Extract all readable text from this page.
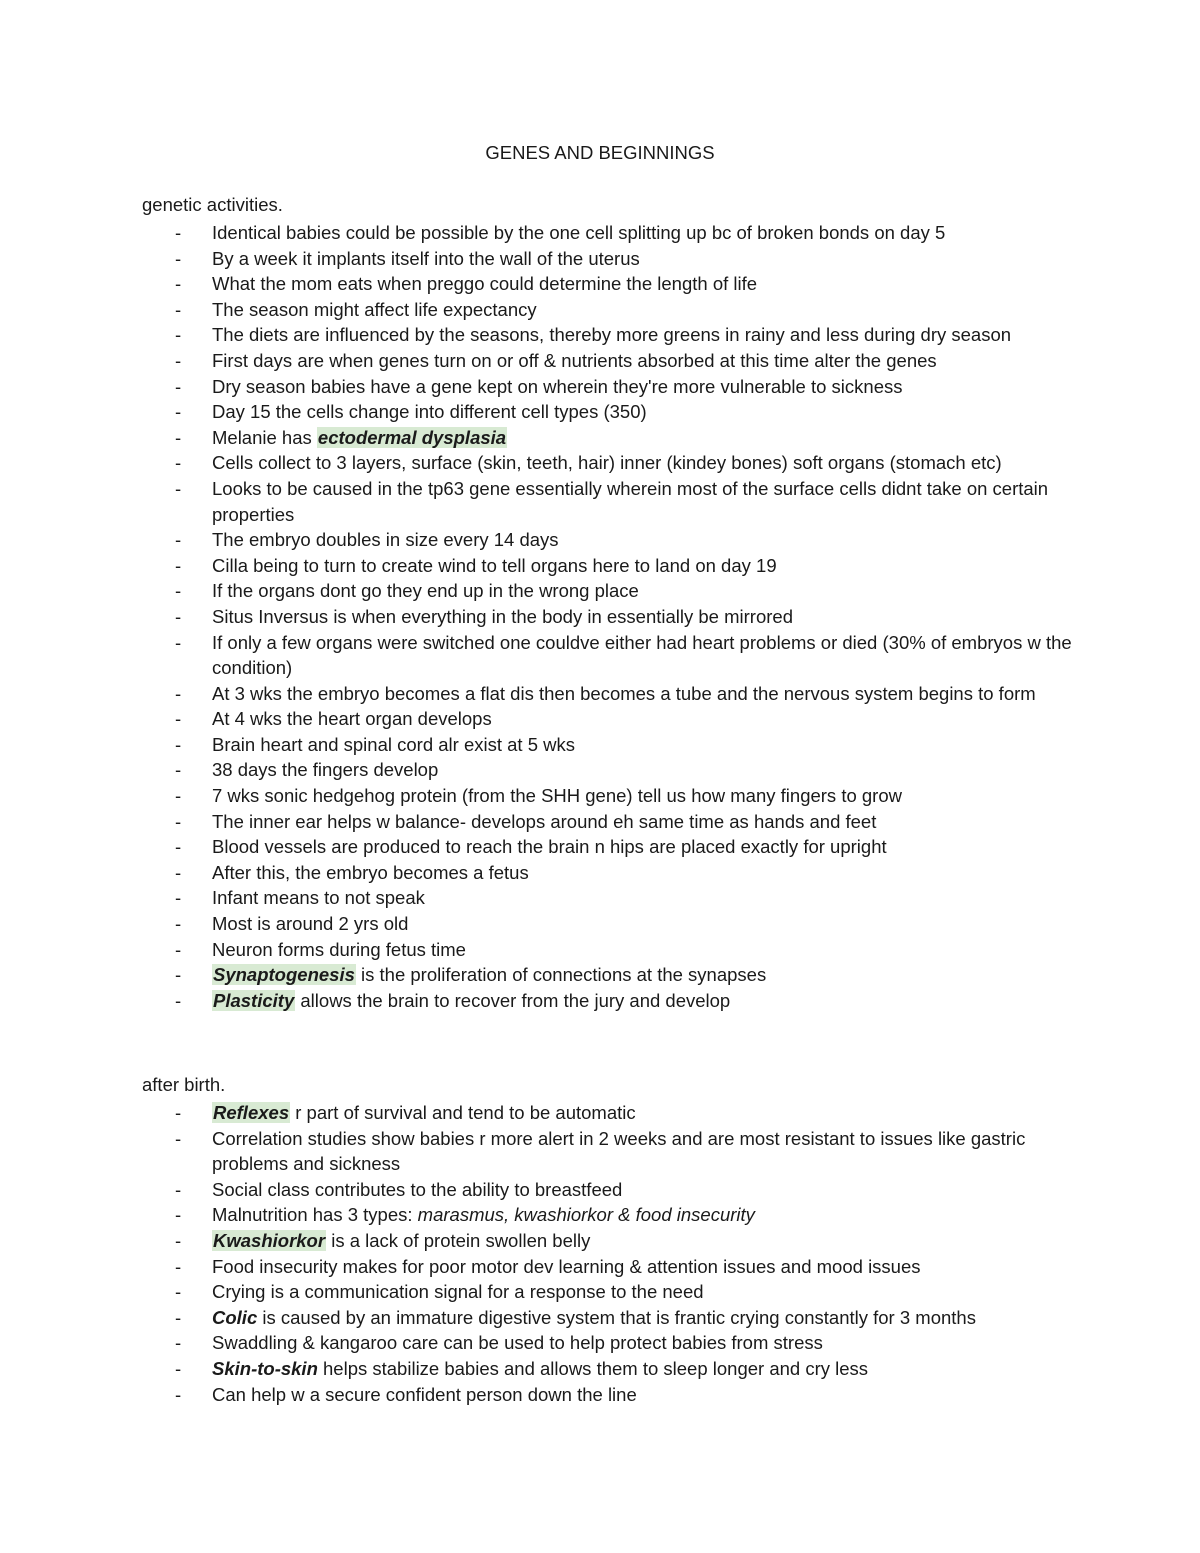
GENES AND BEGINNINGS
genetic activities.
- Identical babies could be possible by the one cell splitting up bc of broken bonds on day 5
- By a week it implants itself into the wall of the uterus
- What the mom eats when preggo could determine the length of life
- The season might affect life expectancy
- The diets are influenced by the seasons, thereby more greens in rainy and less during dry season
- First days are when genes turn on or off & nutrients absorbed at this time alter the genes
- Dry season babies have a gene kept on wherein they're more vulnerable to sickness
- Day 15 the cells change into different cell types (350)
- Melanie has ectodermal dysplasia
- Cells collect to 3 layers, surface (skin, teeth, hair) inner (kindey bones) soft organs (stomach etc)
- Looks to be caused in the tp63 gene essentially wherein most of the surface cells didnt take on certain properties
- The embryo doubles in size every 14 days
- Cilla being to turn to create wind to tell organs here to land on day 19
- If the organs dont go they end up in the wrong place
- Situs Inversus is when everything in the body in essentially be mirrored
- If only a few organs were switched one couldve either had heart problems or died (30% of embryos w the condition)
- At 3 wks the embryo becomes a flat dis then becomes a tube and the nervous system begins to form
- At 4 wks the heart organ develops
- Brain heart and spinal cord alr exist at 5 wks
- 38 days the fingers develop
- 7 wks sonic hedgehog protein (from the SHH gene) tell us how many fingers to grow
- The inner ear helps w balance- develops around eh same time as hands and feet
- Blood vessels are produced to reach the brain n hips are placed exactly for upright
- After this, the embryo becomes a fetus
- Infant means to not speak
- Most is around 2 yrs old
- Neuron forms during fetus time
- Synaptogenesis is the proliferation of connections at the synapses
- Plasticity allows the brain to recover from the jury and develop
after birth.
- Reflexes r part of survival and tend to be automatic
- Correlation studies show babies r more alert in 2 weeks and are most resistant to issues like gastric problems and sickness
- Social class contributes to the ability to breastfeed
- Malnutrition has 3 types: marasmus, kwashiorkor & food insecurity
- Kwashiorkor is a lack of protein swollen belly
- Food insecurity makes for poor motor dev learning & attention issues and mood issues
- Crying is a communication signal for a response to the need
- Colic is caused by an immature digestive system that is frantic crying constantly for 3 months
- Swaddling & kangaroo care can be used to help protect babies from stress
- Skin-to-skin helps stabilize babies and allows them to sleep longer and cry less
- Can help w a secure confident person down the line
